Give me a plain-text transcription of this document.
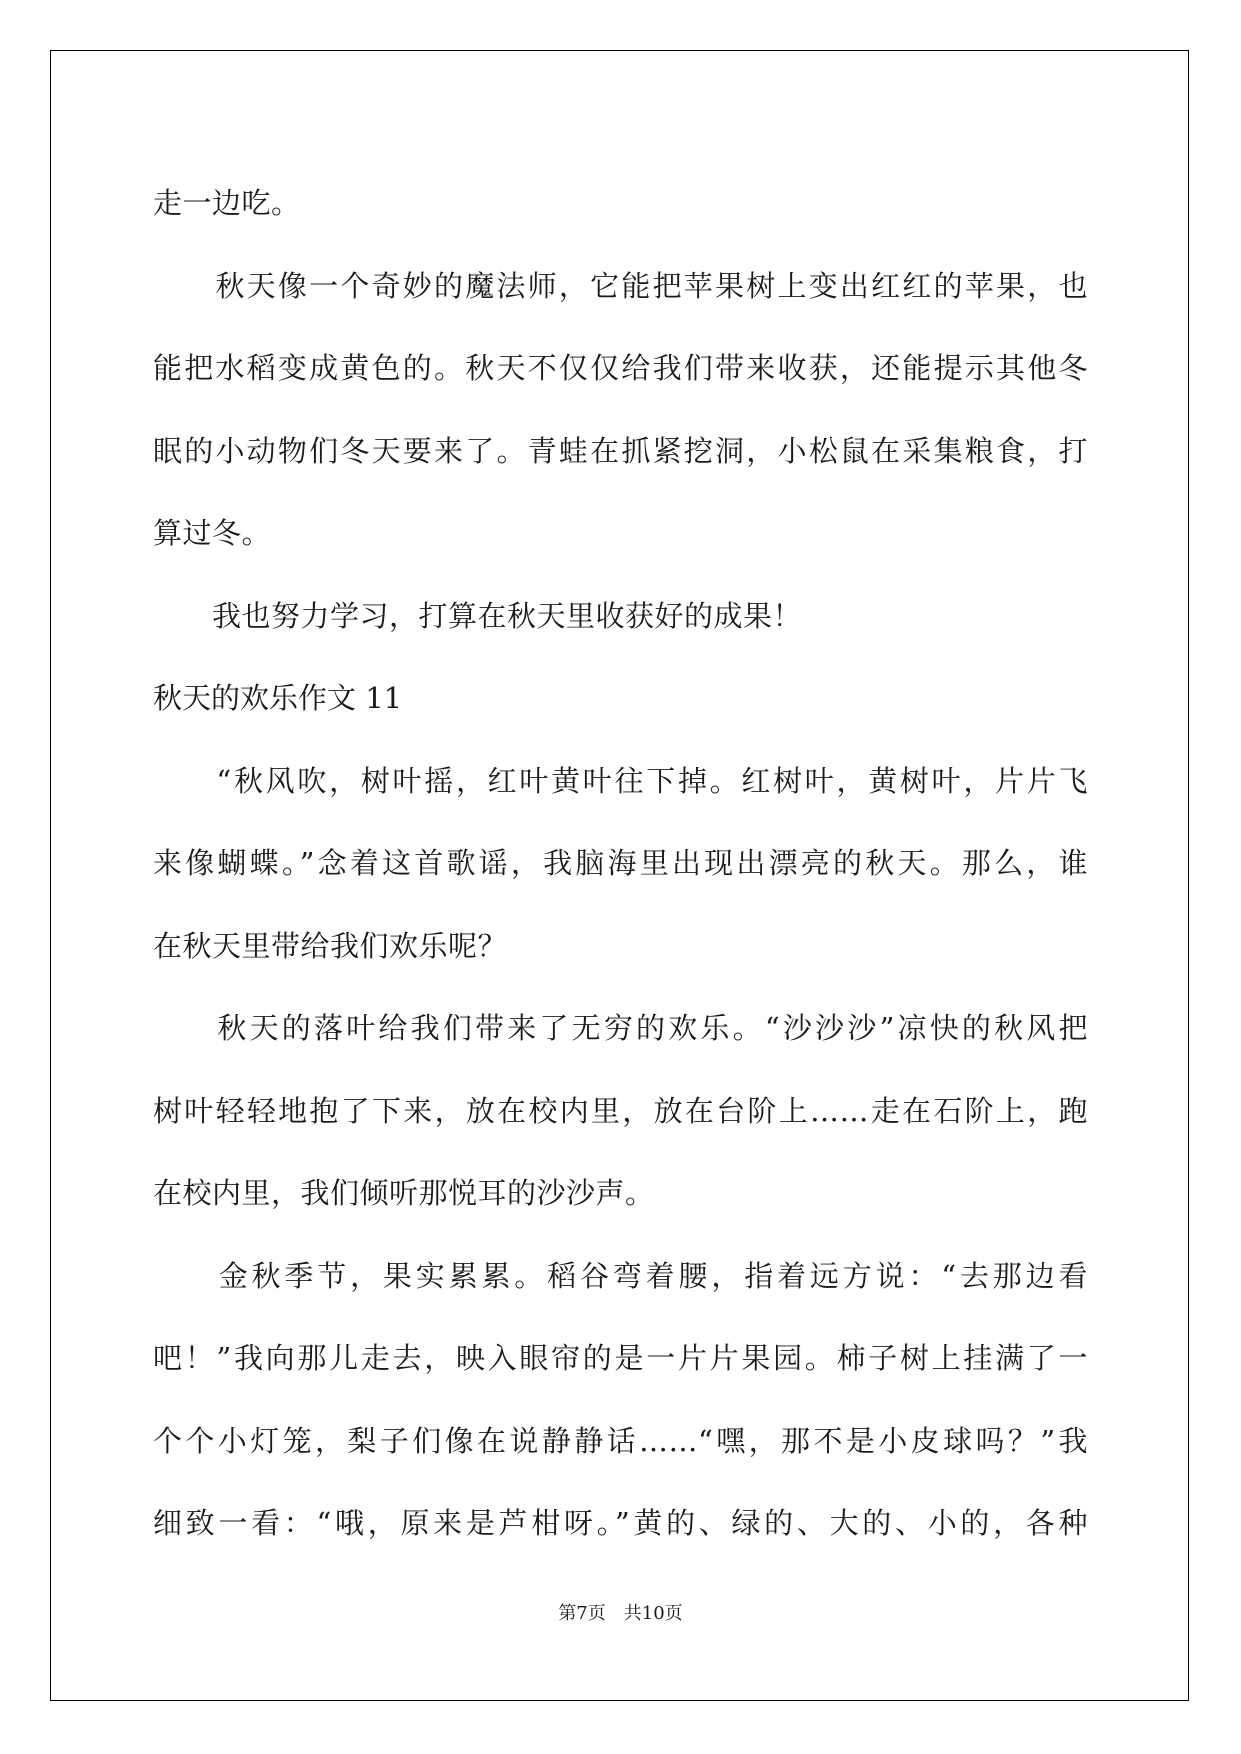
走一边吃。
　　秋天像一个奇妙的魔法师，它能把苹果树上变出红红的苹果，也
能把水稻变成黄色的。秋天不仅仅给我们带来收获，还能提示其他冬
眠的小动物们冬天要来了。青蛙在抓紧挖洞，小松鼠在采集粮食，打
算过冬。
　　我也努力学习，打算在秋天里收获好的成果！
秋天的欢乐作文 11
　　“秋风吹，树叶摇，红叶黄叶往下掉。红树叶，黄树叶，片片飞
来像蝴蝶。”念着这首歌谣，我脑海里出现出漂亮的秋天。那么，谁
在秋天里带给我们欢乐呢？
　　秋天的落叶给我们带来了无穷的欢乐。“沙沙沙”凉快的秋风把
树叶轻轻地抱了下来，放在校内里，放在台阶上……走在石阶上，跑
在校内里，我们倾听那悦耳的沙沙声。
　　金秋季节，果实累累。稻谷弯着腰，指着远方说：“去那边看
吧！”我向那儿走去，映入眼帘的是一片片果园。柿子树上挂满了一
个个小灯笼，梨子们像在说静静话……“嘿，那不是小皮球吗？”我
细致一看：“哦，原来是芦柑呀。”黄的、绿的、大的、小的，各种
第7页　共10页
